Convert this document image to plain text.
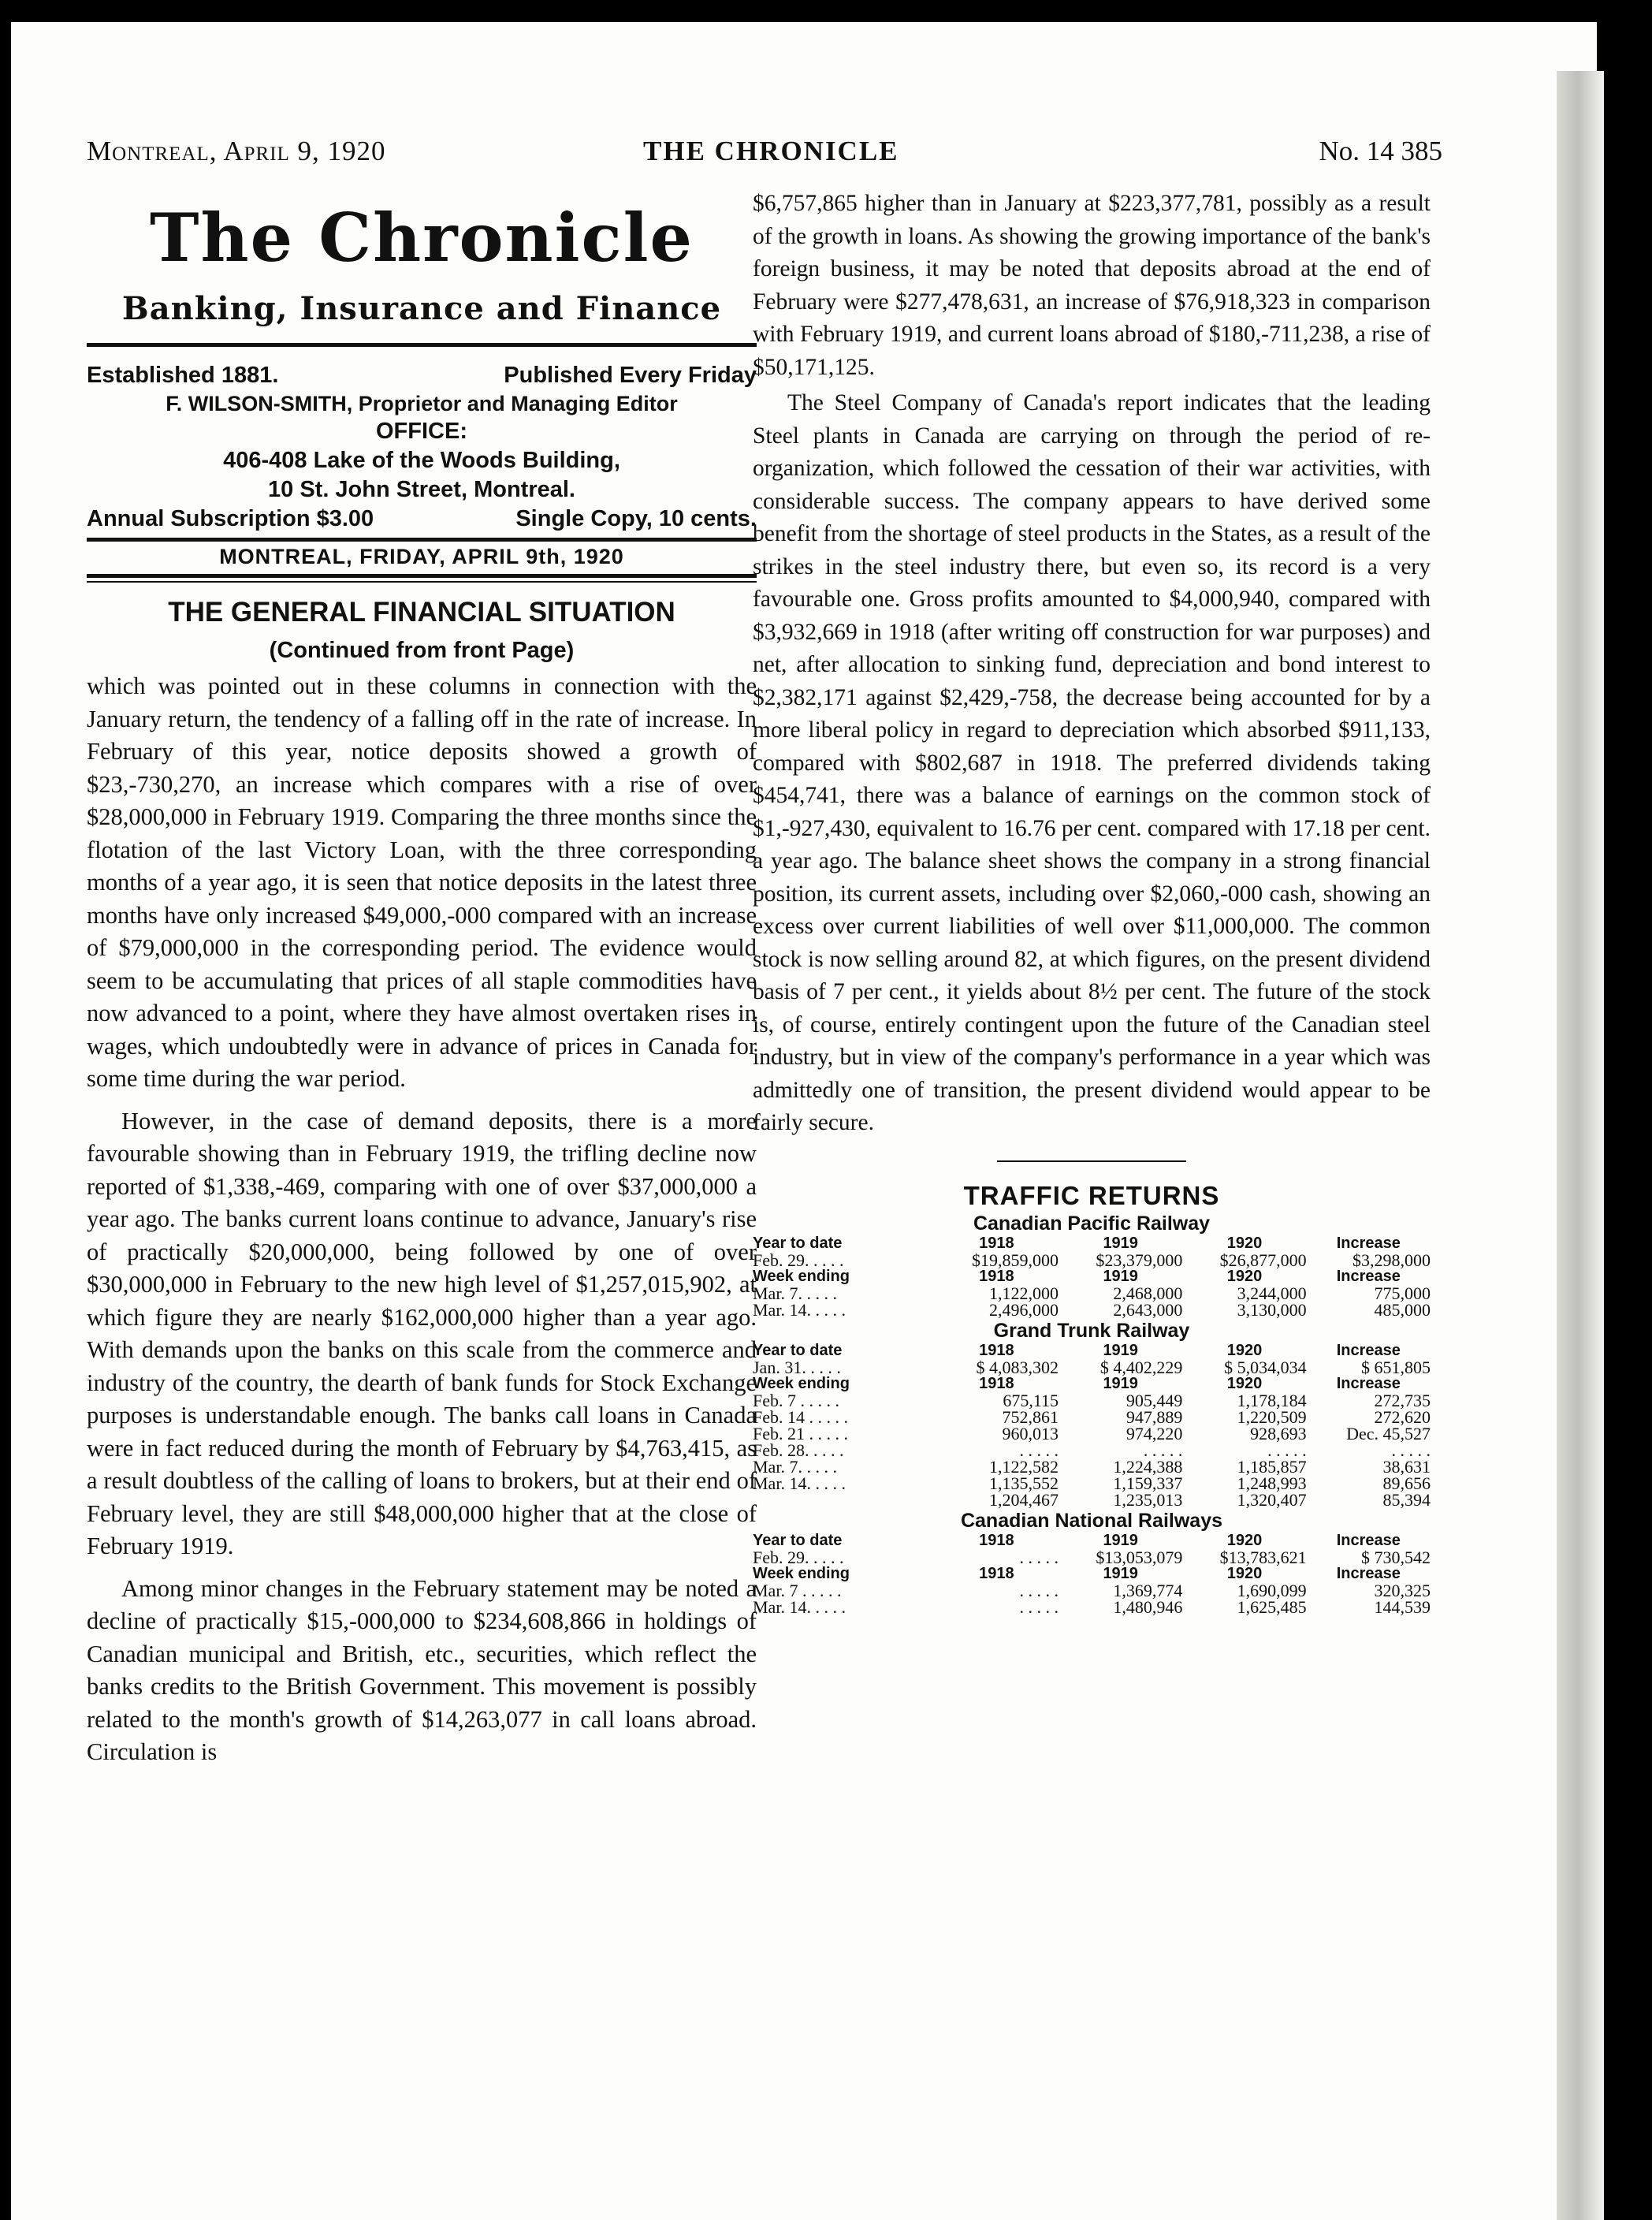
Montreal, April 9, 1920	THE CHRONICLE	No. 14 385
The Chronicle
Banking, Insurance and Finance
Established 1881.	Published Every Friday
F. WILSON-SMITH, Proprietor and Managing Editor
OFFICE:
406-408 Lake of the Woods Building,
10 St. John Street, Montreal.
Annual Subscription $3.00	Single Copy, 10 cents.
MONTREAL, FRIDAY, APRIL 9th, 1920
THE GENERAL FINANCIAL SITUATION
(Continued from front Page)

which was pointed out in these columns in connection with the January return, the tendency of a falling off in the rate of increase. In February of this year, notice deposits showed a growth of $23,-730,270, an increase which compares with a rise of over $28,000,000 in February 1919. Comparing the three months since the flotation of the last Victory Loan, with the three corresponding months of a year ago, it is seen that notice deposits in the latest three months have only increased $49,000,-000 compared with an increase of $79,000,000 in the corresponding period. The evidence would seem to be accumulating that prices of all staple commodities have now advanced to a point, where they have almost overtaken rises in wages, which undoubtedly were in advance of prices in Canada for some time during the war period.

However, in the case of demand deposits, there is a more favourable showing than in February 1919, the trifling decline now reported of $1,338,-469, comparing with one of over $37,000,000 a year ago. The banks current loans continue to advance, January's rise of practically $20,000,000, being followed by one of over $30,000,000 in February to the new high level of $1,257,015,902, at which figure they are nearly $162,000,000 higher than a year ago. With demands upon the banks on this scale from the commerce and industry of the country, the dearth of bank funds for Stock Exchange purposes is understandable enough. The banks call loans in Canada were in fact reduced during the month of February by $4,763,415, as a result doubtless of the calling of loans to brokers, but at their end of February level, they are still $48,000,000 higher that at the close of February 1919.

Among minor changes in the February statement may be noted a decline of practically $15,-000,000 to $234,608,866 in holdings of Canadian municipal and British, etc., securities, which reflect the banks credits to the British Government. This movement is possibly related to the month's growth of $14,263,077 in call loans abroad. Circulation is

$6,757,865 higher than in January at $223,377,781, possibly as a result of the growth in loans. As showing the growing importance of the bank's foreign business, it may be noted that deposits abroad at the end of February were $277,478,631, an increase of $76,918,323 in comparison with February 1919, and current loans abroad of $180,-711,238, a rise of $50,171,125.

The Steel Company of Canada's report indicates that the leading Steel plants in Canada are carrying on through the period of re-organization, which followed the cessation of their war activities, with considerable success. The company appears to have derived some benefit from the shortage of steel products in the States, as a result of the strikes in the steel industry there, but even so, its record is a very favourable one. Gross profits amounted to $4,000,940, compared with $3,932,669 in 1918 (after writing off construction for war purposes) and net, after allocation to sinking fund, depreciation and bond interest to $2,382,171 against $2,429,-758, the decrease being accounted for by a more liberal policy in regard to depreciation which absorbed $911,133, compared with $802,687 in 1918. The preferred dividends taking $454,741, there was a balance of earnings on the common stock of $1,-927,430, equivalent to 16.76 per cent. compared with 17.18 per cent. a year ago. The balance sheet shows the company in a strong financial position, its current assets, including over $2,060,-000 cash, showing an excess over current liabilities of well over $11,000,000. The common stock is now selling around 82, at which figures, on the present dividend basis of 7 per cent., it yields about 8½ per cent. The future of the stock is, of course, entirely contingent upon the future of the Canadian steel industry, but in view of the company's performance in a year which was admittedly one of transition, the present dividend would appear to be fairly secure.

TRAFFIC RETURNS
Canadian Pacific Railway
Year to date	1918	1919	1920	Increase
Feb. 29. . . . .	$19,859,000	$23,379,000	$26,877,000	$3,298,000
Week ending	1918	1919	1920	Increase
Mar. 7. . . . .	1,122,000	2,468,000	3,244,000	775,000
Mar. 14. . . . .	2,496,000	2,643,000	3,130,000	485,000
Grand Trunk Railway
Year to date	1918	1919	1920	Increase
Jan. 31. . . . .	$ 4,083,302	$ 4,402,229	$ 5,034,034	$ 651,805
Week ending	1918	1919	1920	Increase
Feb. 7 . . . . .	675,115	905,449	1,178,184	272,735
Feb. 14 . . . . .	752,861	947,889	1,220,509	272,620
Feb. 21 . . . . .	960,013	974,220	928,693	Dec. 45,527
Feb. 28. . . . .	. . . . .	. . . . .	. . . . .	. . . . .
Mar. 7. . . . .	1,122,582	1,224,388	1,185,857	38,631
Mar. 14. . . . .	1,135,552	1,159,337	1,248,993	89,656
	1,204,467	1,235,013	1,320,407	85,394
Canadian National Railways
Year to date	1918	1919	1920	Increase
Feb. 29. . . . .	. . . . .	$13,053,079	$13,783,621	$ 730,542
Week ending	1918	1919	1920	Increase
Mar. 7 . . . . .	. . . . .	1,369,774	1,690,099	320,325
Mar. 14. . . . .	. . . . .	1,480,946	1,625,485	144,539
